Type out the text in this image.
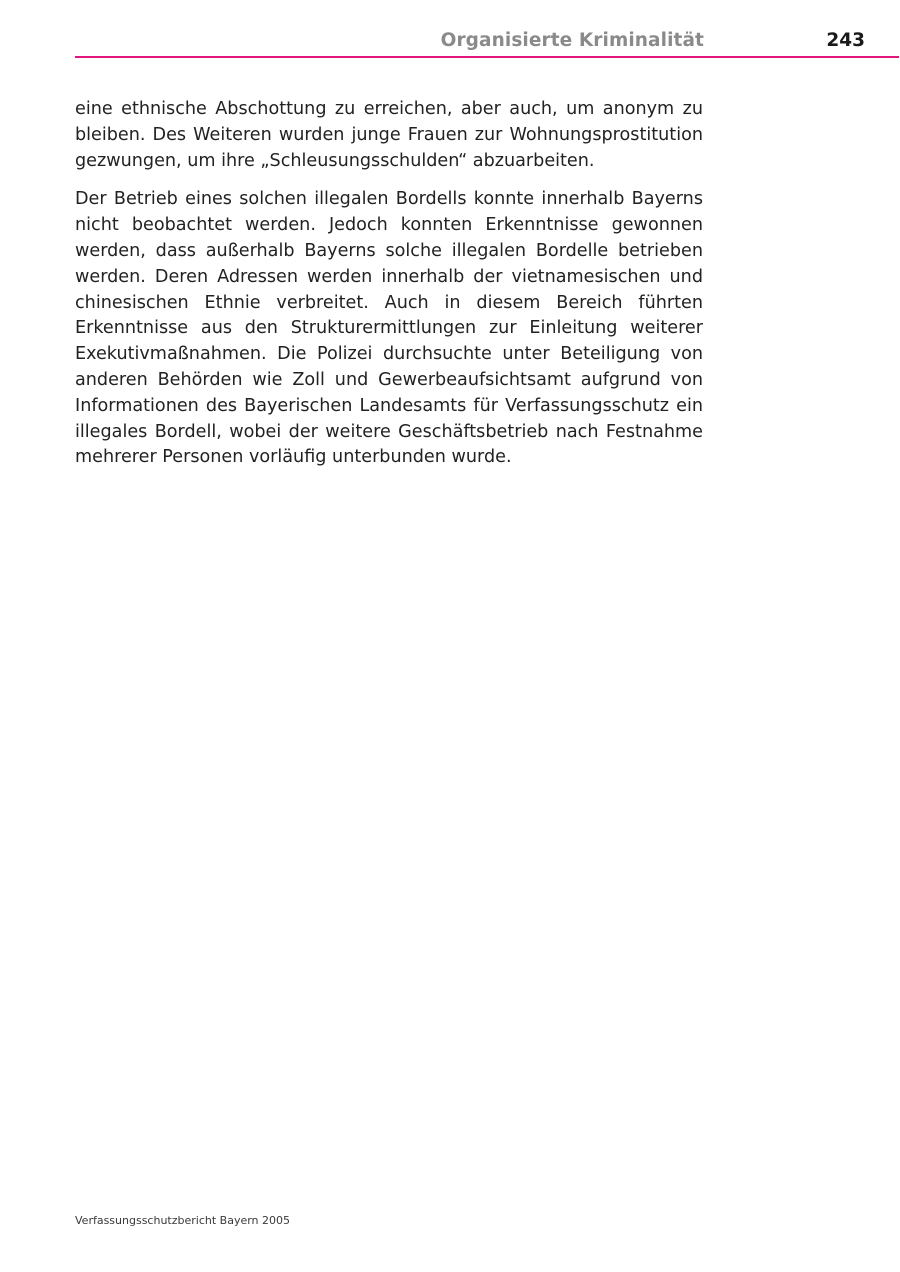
Organisierte Kriminalität	243

eine ethnische Abschottung zu erreichen, aber auch, um anonym zu bleiben. Des Weiteren wurden junge Frauen zur Wohnungsprostitution gezwungen, um ihre „Schleusungsschulden“ abzuarbeiten.

Der Betrieb eines solchen illegalen Bordells konnte innerhalb Bayerns nicht beobachtet werden. Jedoch konnten Erkenntnisse gewonnen werden, dass außerhalb Bayerns solche illegalen Bordelle betrieben werden. Deren Adressen werden innerhalb der vietnamesischen und chinesischen Ethnie verbreitet. Auch in diesem Bereich führten Erkenntnisse aus den Strukturermittlungen zur Einleitung weiterer Exekutivmaßnahmen. Die Polizei durchsuchte unter Beteiligung von anderen Behörden wie Zoll und Gewerbeaufsichtsamt aufgrund von Informationen des Bayerischen Landesamts für Verfassungsschutz ein illegales Bordell, wobei der weitere Geschäftsbetrieb nach Festnahme mehrerer Personen vorläufig unterbunden wurde.

Verfassungsschutzbericht Bayern 2005
